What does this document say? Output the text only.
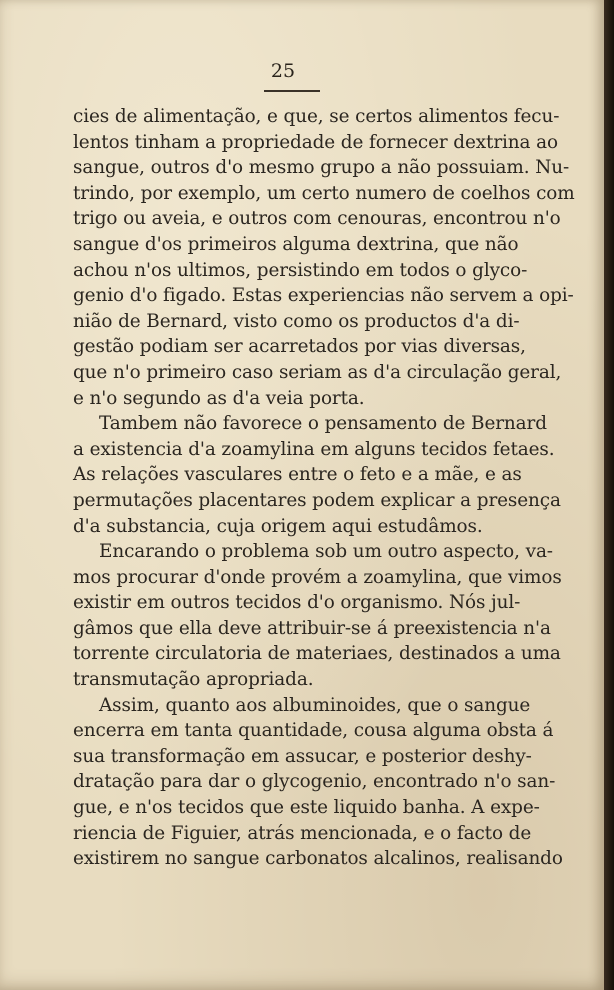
25

cies de alimentação, e que, se certos alimentos fecu-
lentos tinham a propriedade de fornecer dextrina ao
sangue, outros d'o mesmo grupo a não possuiam. Nu-
trindo, por exemplo, um certo numero de coelhos com
trigo ou aveia, e outros com cenouras, encontrou n'o
sangue d'os primeiros alguma dextrina, que não
achou n'os ultimos, persistindo em todos o glyco-
genio d'o figado. Estas experiencias não servem a opi-
nião de Bernard, visto como os productos d'a di-
gestão podiam ser acarretados por vias diversas,
que n'o primeiro caso seriam as d'a circulação geral,
e n'o segundo as d'a veia porta.

Tambem não favorece o pensamento de Bernard
a existencia d'a zoamylina em alguns tecidos fetaes.
As relações vasculares entre o feto e a mãe, e as
permutações placentares podem explicar a presença
d'a substancia, cuja origem aqui estudâmos.

Encarando o problema sob um outro aspecto, va-
mos procurar d'onde provém a zoamylina, que vimos
existir em outros tecidos d'o organismo. Nós jul-
gâmos que ella deve attribuir-se á preexistencia n'a
torrente circulatoria de materiaes, destinados a uma
transmutação apropriada.

Assim, quanto aos albuminoides, que o sangue
encerra em tanta quantidade, cousa alguma obsta á
sua transformação em assucar, e posterior deshy-
dratação para dar o glycogenio, encontrado n'o san-
gue, e n'os tecidos que este liquido banha. A expe-
riencia de Figuier, atrás mencionada, e o facto de
existirem no sangue carbonatos alcalinos, realisando
